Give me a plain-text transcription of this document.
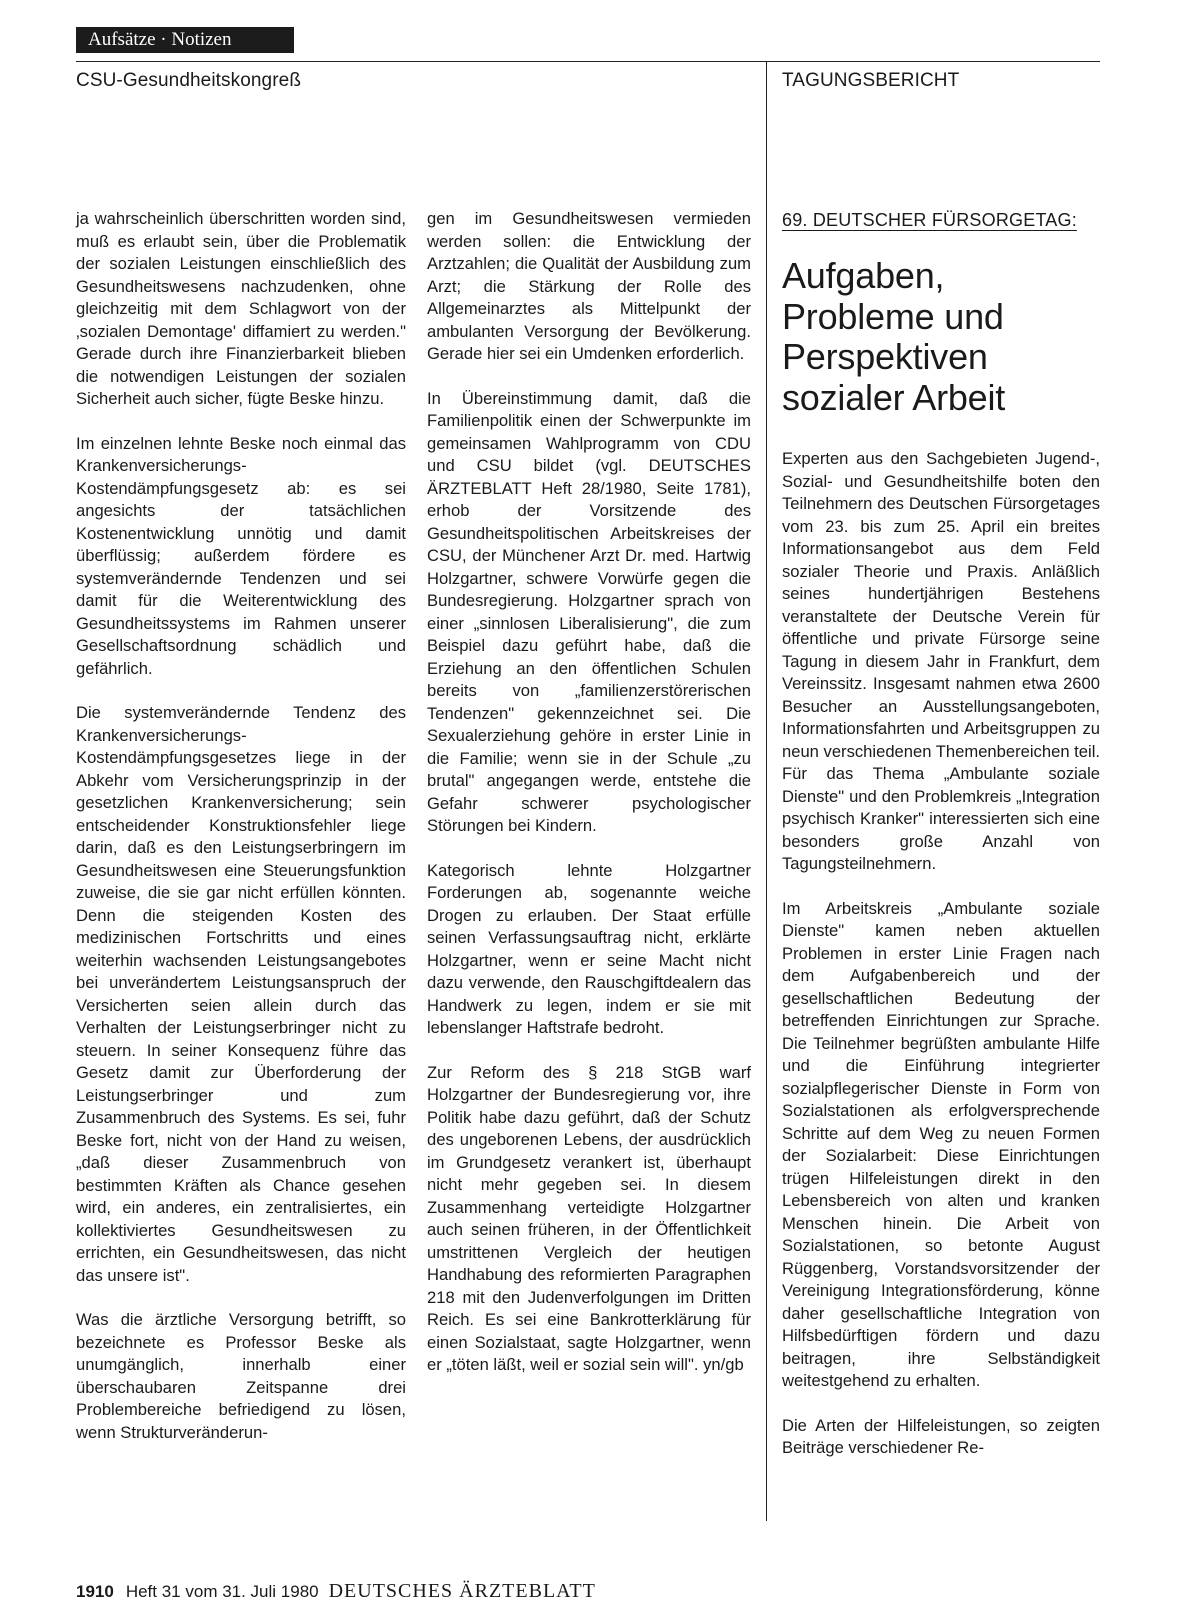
Aufsätze · Notizen
CSU-Gesundheitskongreß	TAGUNGSBERICHT

ja wahrscheinlich überschritten worden sind, muß es erlaubt sein, über die Problematik der sozialen Leistungen einschließlich des Gesundheitswesens nachzudenken, ohne gleichzeitig mit dem Schlagwort von der ‚sozialen Demontage' diffamiert zu werden." Gerade durch ihre Finanzierbarkeit blieben die notwendigen Leistungen der sozialen Sicherheit auch sicher, fügte Beske hinzu.

Im einzelnen lehnte Beske noch einmal das Krankenversicherungs-Kostendämpfungsgesetz ab: es sei angesichts der tatsächlichen Kostenentwicklung unnötig und damit überflüssig; außerdem fördere es systemverändernde Tendenzen und sei damit für die Weiterentwicklung des Gesundheitssystems im Rahmen unserer Gesellschaftsordnung schädlich und gefährlich.

Die systemverändernde Tendenz des Krankenversicherungs-Kostendämpfungsgesetzes liege in der Abkehr vom Versicherungsprinzip in der gesetzlichen Krankenversicherung; sein entscheidender Konstruktionsfehler liege darin, daß es den Leistungserbringern im Gesundheitswesen eine Steuerungsfunktion zuweise, die sie gar nicht erfüllen könnten. Denn die steigenden Kosten des medizinischen Fortschritts und eines weiterhin wachsenden Leistungsangebotes bei unverändertem Leistungsanspruch der Versicherten seien allein durch das Verhalten der Leistungserbringer nicht zu steuern. In seiner Konsequenz führe das Gesetz damit zur Überforderung der Leistungserbringer und zum Zusammenbruch des Systems. Es sei, fuhr Beske fort, nicht von der Hand zu weisen, „daß dieser Zusammenbruch von bestimmten Kräften als Chance gesehen wird, ein anderes, ein zentralisiertes, ein kollektiviertes Gesundheitswesen zu errichten, ein Gesundheitswesen, das nicht das unsere ist".

Was die ärztliche Versorgung betrifft, so bezeichnete es Professor Beske als unumgänglich, innerhalb einer überschaubaren Zeitspanne drei Problembereiche befriedigend zu lösen, wenn Strukturveränderun-

gen im Gesundheitswesen vermieden werden sollen: die Entwicklung der Arztzahlen; die Qualität der Ausbildung zum Arzt; die Stärkung der Rolle des Allgemeinarztes als Mittelpunkt der ambulanten Versorgung der Bevölkerung. Gerade hier sei ein Umdenken erforderlich.

In Übereinstimmung damit, daß die Familienpolitik einen der Schwerpunkte im gemeinsamen Wahlprogramm von CDU und CSU bildet (vgl. DEUTSCHES ÄRZTEBLATT Heft 28/1980, Seite 1781), erhob der Vorsitzende des Gesundheitspolitischen Arbeitskreises der CSU, der Münchener Arzt Dr. med. Hartwig Holzgartner, schwere Vorwürfe gegen die Bundesregierung. Holzgartner sprach von einer „sinnlosen Liberalisierung", die zum Beispiel dazu geführt habe, daß die Erziehung an den öffentlichen Schulen bereits von „familienzerstörerischen Tendenzen" gekennzeichnet sei. Die Sexualerziehung gehöre in erster Linie in die Familie; wenn sie in der Schule „zu brutal" angegangen werde, entstehe die Gefahr schwerer psychologischer Störungen bei Kindern.

Kategorisch lehnte Holzgartner Forderungen ab, sogenannte weiche Drogen zu erlauben. Der Staat erfülle seinen Verfassungsauftrag nicht, erklärte Holzgartner, wenn er seine Macht nicht dazu verwende, den Rauschgiftdealern das Handwerk zu legen, indem er sie mit lebenslanger Haftstrafe bedroht.

Zur Reform des § 218 StGB warf Holzgartner der Bundesregierung vor, ihre Politik habe dazu geführt, daß der Schutz des ungeborenen Lebens, der ausdrücklich im Grundgesetz verankert ist, überhaupt nicht mehr gegeben sei. In diesem Zusammenhang verteidigte Holzgartner auch seinen früheren, in der Öffentlichkeit umstrittenen Vergleich der heutigen Handhabung des reformierten Paragraphen 218 mit den Judenverfolgungen im Dritten Reich. Es sei eine Bankrotterklärung für einen Sozialstaat, sagte Holzgartner, wenn er „töten läßt, weil er sozial sein will". yn/gb

69. DEUTSCHER FÜRSORGETAG:
Aufgaben, Probleme und Perspektiven sozialer Arbeit

Experten aus den Sachgebieten Jugend-, Sozial- und Gesundheitshilfe boten den Teilnehmern des Deutschen Fürsorgetages vom 23. bis zum 25. April ein breites Informationsangebot aus dem Feld sozialer Theorie und Praxis. Anläßlich seines hundertjährigen Bestehens veranstaltete der Deutsche Verein für öffentliche und private Fürsorge seine Tagung in diesem Jahr in Frankfurt, dem Vereinssitz. Insgesamt nahmen etwa 2600 Besucher an Ausstellungsangeboten, Informationsfahrten und Arbeitsgruppen zu neun verschiedenen Themenbereichen teil. Für das Thema „Ambulante soziale Dienste" und den Problemkreis „Integration psychisch Kranker" interessierten sich eine besonders große Anzahl von Tagungsteilnehmern.

Im Arbeitskreis „Ambulante soziale Dienste" kamen neben aktuellen Problemen in erster Linie Fragen nach dem Aufgabenbereich und der gesellschaftlichen Bedeutung der betreffenden Einrichtungen zur Sprache. Die Teilnehmer begrüßten ambulante Hilfe und die Einführung integrierter sozialpflegerischer Dienste in Form von Sozialstationen als erfolgversprechende Schritte auf dem Weg zu neuen Formen der Sozialarbeit: Diese Einrichtungen trügen Hilfeleistungen direkt in den Lebensbereich von alten und kranken Menschen hinein. Die Arbeit von Sozialstationen, so betonte August Rüggenberg, Vorstandsvorsitzender der Vereinigung Integrationsförderung, könne daher gesellschaftliche Integration von Hilfsbedürftigen fördern und dazu beitragen, ihre Selbständigkeit weitestgehend zu erhalten.

Die Arten der Hilfeleistungen, so zeigten Beiträge verschiedener Re-

1910 Heft 31 vom 31. Juli 1980 DEUTSCHES ÄRZTEBLATT
